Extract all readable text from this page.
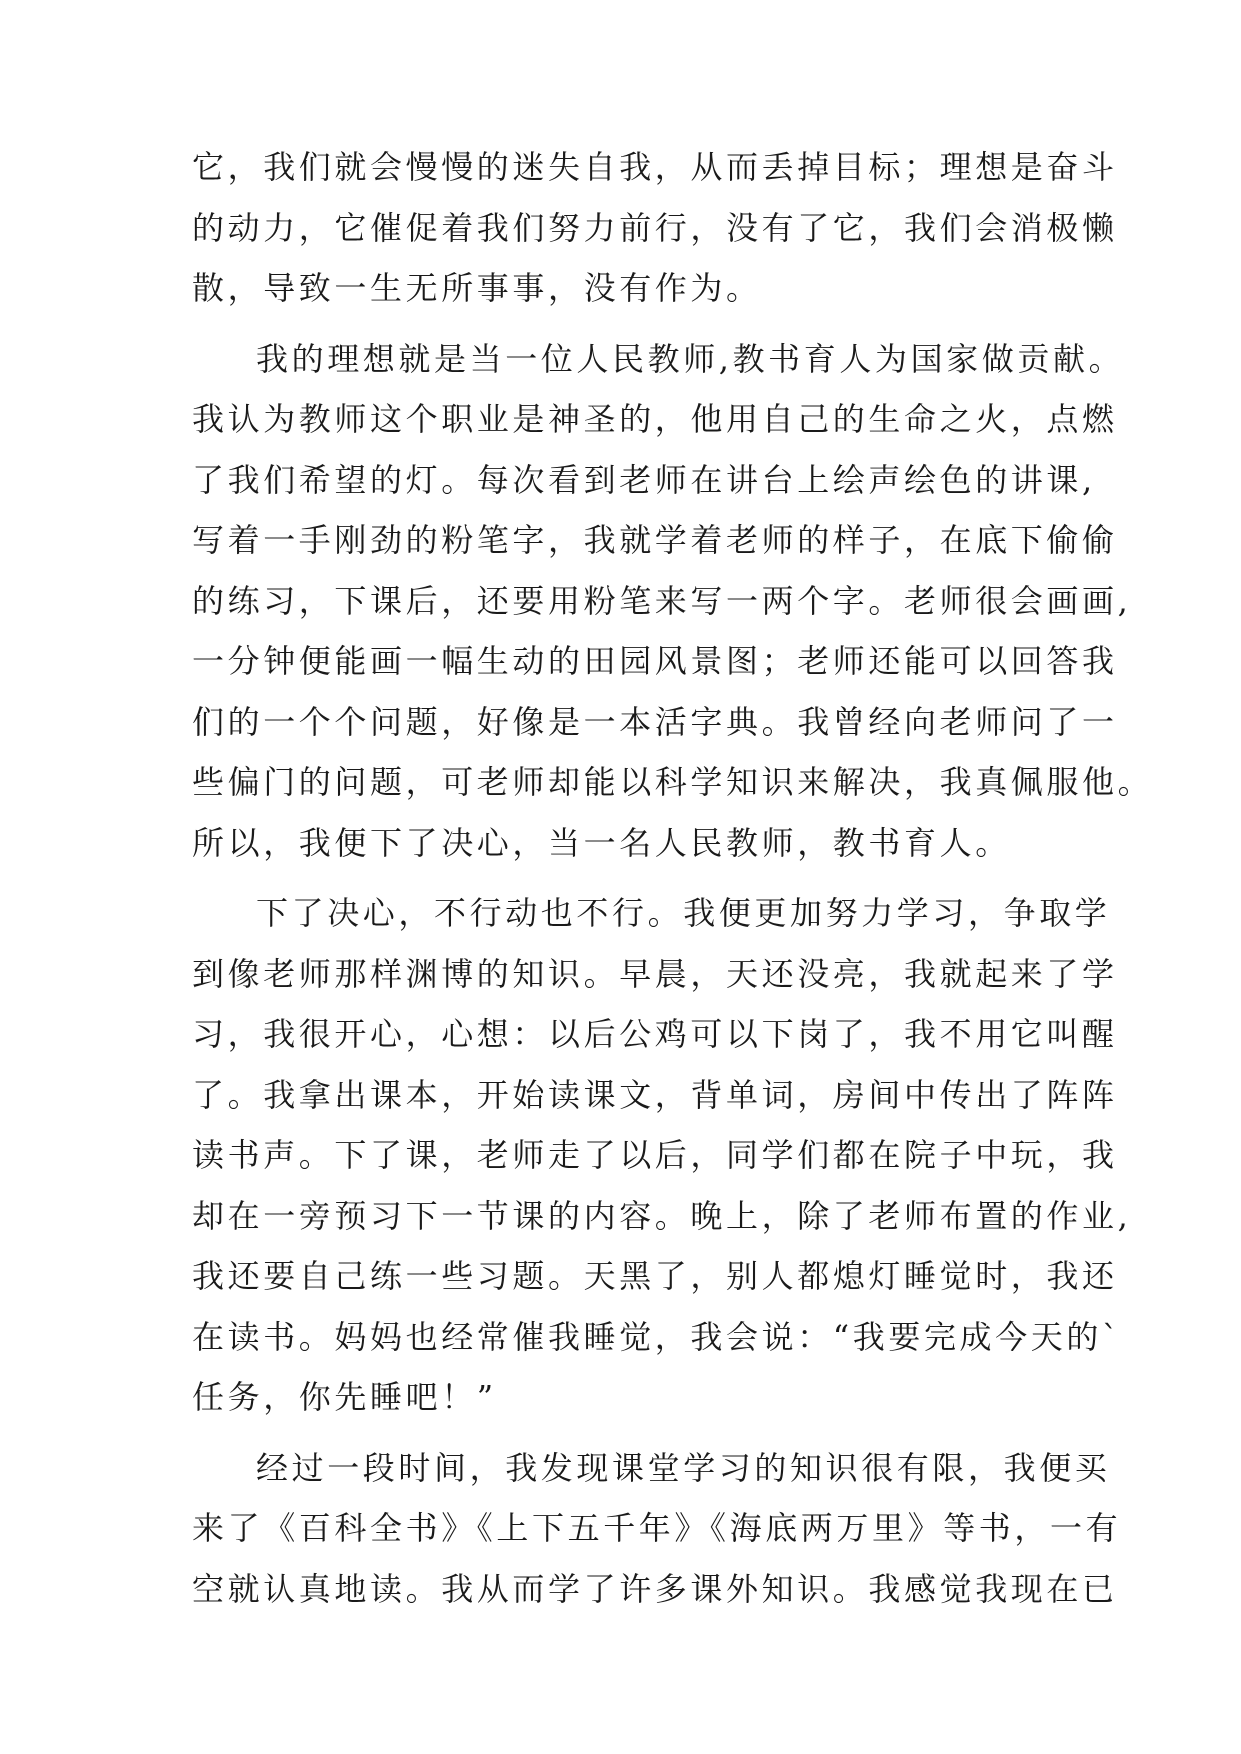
它，我们就会慢慢的迷失自我，从而丢掉目标；理想是奋斗
的动力，它催促着我们努力前行，没有了它，我们会消极懒
散，导致一生无所事事，没有作为。
我的理想就是当一位人民教师,教书育人为国家做贡献。
我认为教师这个职业是神圣的，他用自己的生命之火，点燃
了我们希望的灯。每次看到老师在讲台上绘声绘色的讲课,
写着一手刚劲的粉笔字，我就学着老师的样子，在底下偷偷
的练习，下课后，还要用粉笔来写一两个字。老师很会画画,
一分钟便能画一幅生动的田园风景图；老师还能可以回答我
们的一个个问题，好像是一本活字典。我曾经向老师问了一
些偏门的问题，可老师却能以科学知识来解决，我真佩服他。
所以，我便下了决心，当一名人民教师，教书育人。
下了决心，不行动也不行。我便更加努力学习，争取学
到像老师那样渊博的知识。早晨，天还没亮，我就起来了学
习，我很开心，心想：以后公鸡可以下岗了，我不用它叫醒
了。我拿出课本，开始读课文，背单词，房间中传出了阵阵
读书声。下了课，老师走了以后，同学们都在院子中玩，我
却在一旁预习下一节课的内容。晚上，除了老师布置的作业,
我还要自己练一些习题。天黑了，别人都熄灯睡觉时，我还
在读书。妈妈也经常催我睡觉，我会说：“我要完成今天的`
任务，你先睡吧！”
经过一段时间，我发现课堂学习的知识很有限，我便买
来了《百科全书》《上下五千年》《海底两万里》等书，一有
空就认真地读。我从而学了许多课外知识。我感觉我现在已
